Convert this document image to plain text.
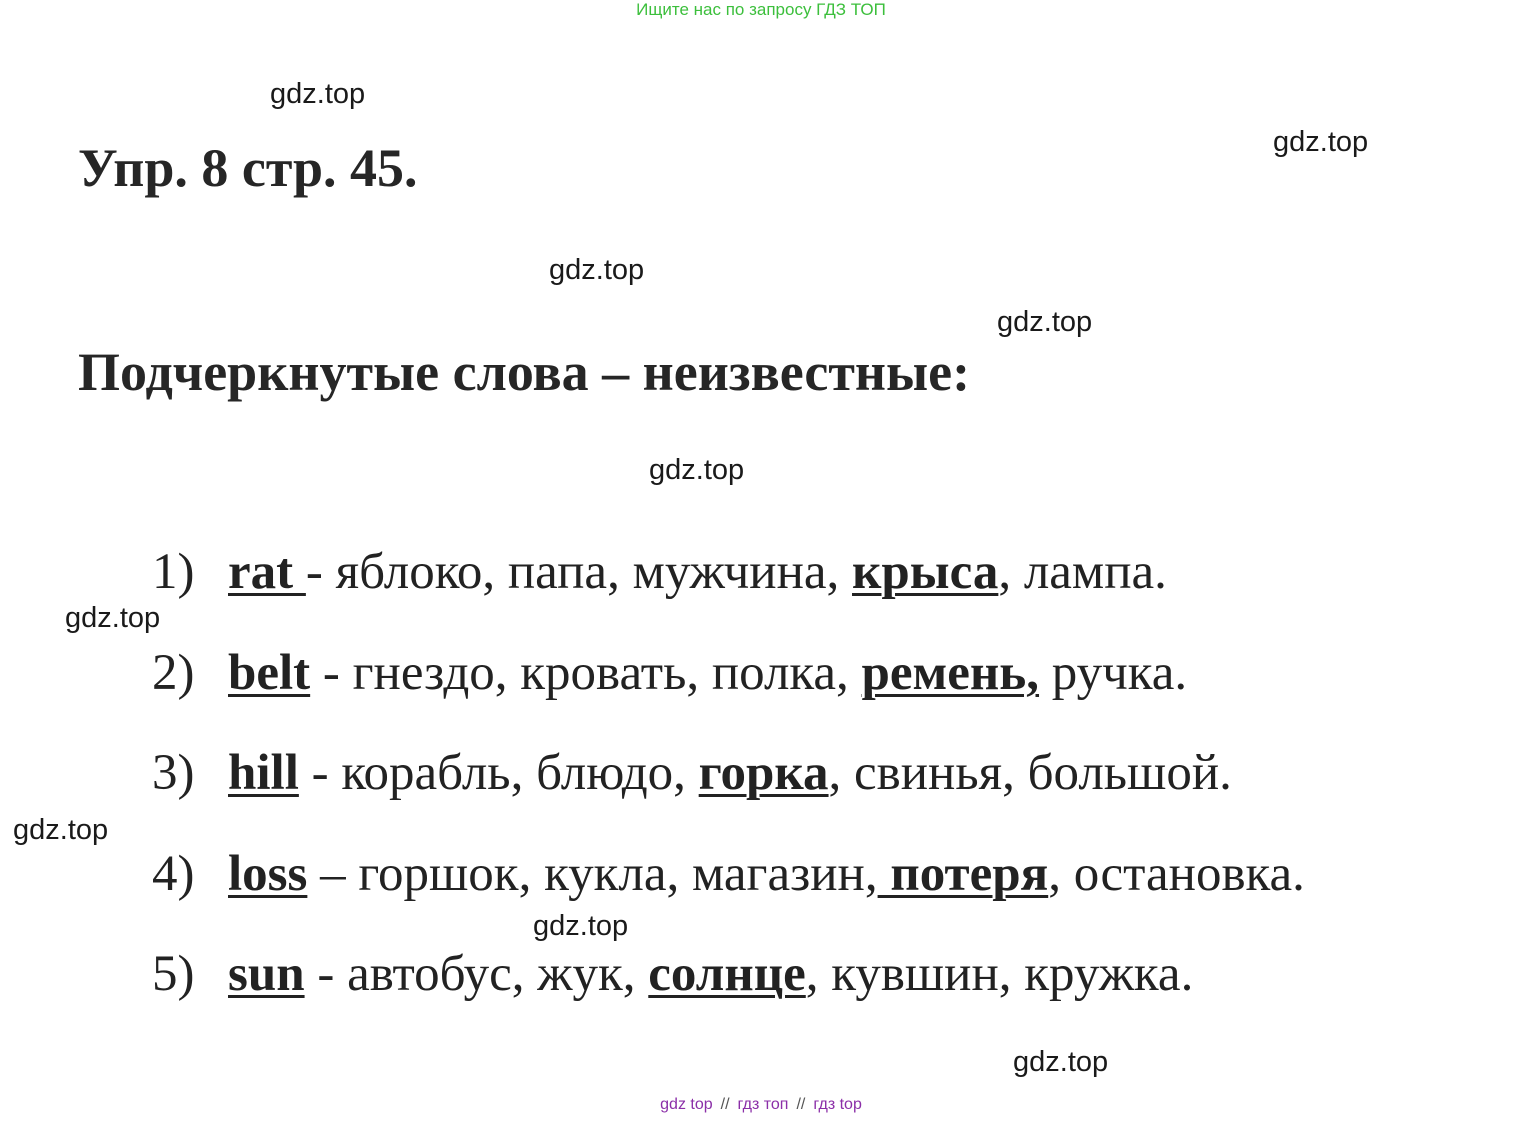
Ищите нас по запросу ГДЗ ТОП
gdz.top
gdz.top
gdz.top
gdz.top
gdz.top
gdz.top
gdz.top
gdz.top
gdz.top
Упр. 8 стр. 45.
Подчеркнутые слова – неизвестные:
1) rat - яблоко, папа, мужчина, крыса, лампа.
2) belt - гнездо, кровать, полка, ремень, ручка.
3) hill - корабль, блюдо, горка, свинья, большой.
4) loss – горшок, кукла, магазин, потеря, остановка.
5) sun - автобус, жук, солнце, кувшин, кружка.
gdz top // гдз топ // гдз top
